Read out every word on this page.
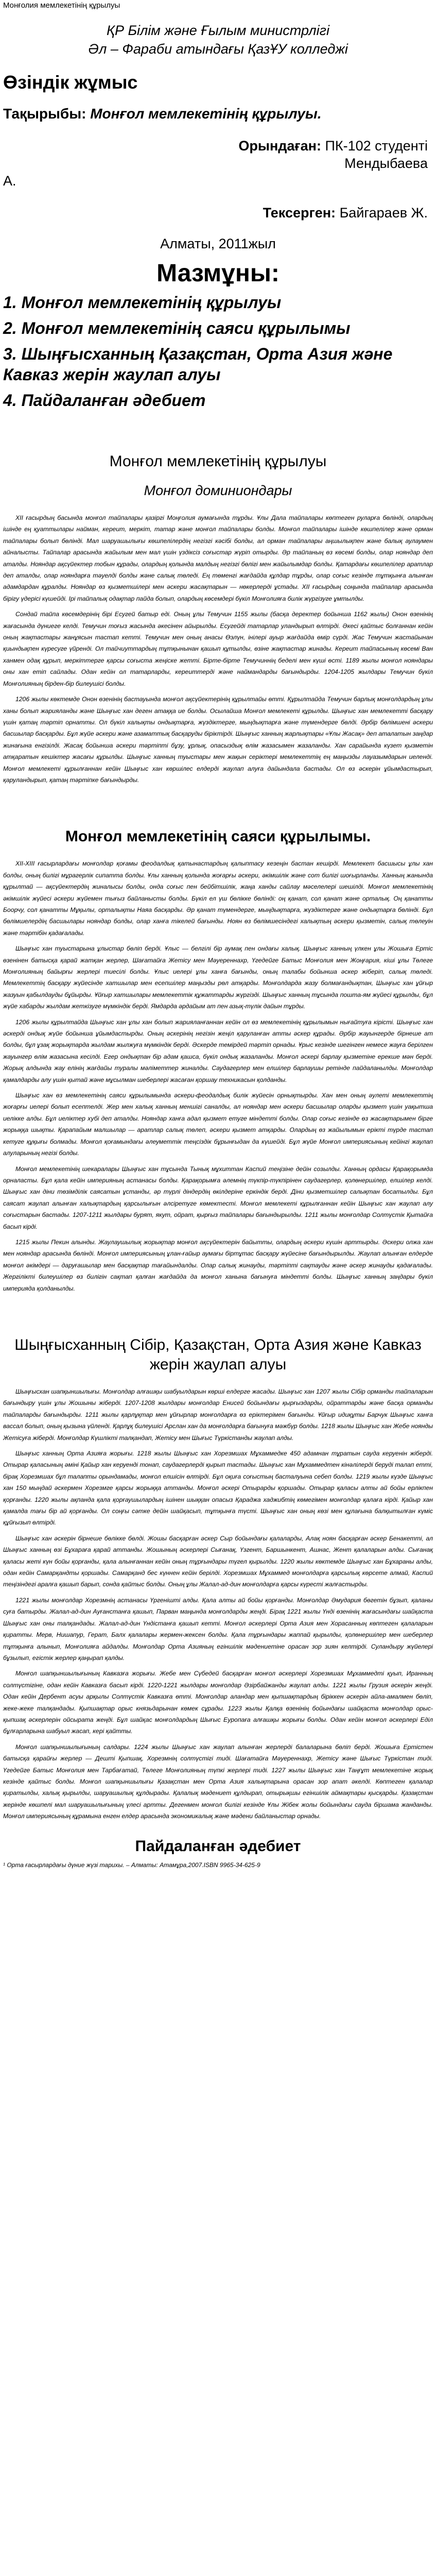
Монғолия мемлекетінің құрылуы
ҚР Білім және Ғылым министрлігі
Әл – Фараби атындағы ҚазҰУ колледжі
Өзіндік жұмыс
Тақырыбы: Монғол мемлекетінің құрылуы.
Орындаған: ПК-102 студенті
Мендыбаева
А.
Тексерген: Байгараев Ж.
Алматы, 2011жыл
Мазмұны:
1. Монғол мемлекетінің құрылуы
2. Монғол мемлекетінің саяси құрылымы
3. Шыңғысханның Қазақстан, Орта Азия және Кавказ жерін жаулап алуы
4. Пайдаланған әдебиет
Монғол мемлекетінің құрылуы
Монғол доминиондары

XII ғасырдың басында монғол тайпалары қазіргі Моңғолия аумағында тұрды. Ұлы Дала тайпалары көптеген руларға бөлінді, олардың ішінде ең қуаттылары найман, кереит, меркіт, татар және монғол тайпалары болды. Монғол тайпалары ішінде көшпелілер және орман тайпалары болып бөлінді. Мал шаруашылығы көшпелілердің негізгі кәсібі болды, ал орман тайпалары аңшылықпен және балық аулаумен айналысты. Тайпалар арасында жайылым мен мал үшін үздіксіз соғыстар жүріп отырды. Әр тайпаның өз көсемі болды, олар нояндар деп аталды. Нояндар ақсүйектер тобын құрады, олардың қолында малдың негізгі бөлігі мен жайылымдар болды. Қатардағы көшпелілер аратлар деп аталды, олар нояндарға тәуелді болды және салық төледі. Ең төменгі жағдайда құлдар тұрды, олар соғыс кезінде тұтқынға алынған адамдардан құралды. Нояндар өз қызметшілері мен әскери жасақтарын — нөкерлерді ұстады. XII ғасырдың соңында тайпалар арасында бірігу үдерісі күшейді. Ірі тайпалық одақтар пайда болып, олардың көсемдері бүкіл Монғолияға билік жүргізуге ұмтылды.

Сондай тайпа көсемдерінің бірі Есугей батыр еді. Оның ұлы Темучин 1155 жылы (басқа деректер бойынша 1162 жылы) Онон өзенінің жағасында дүниеге келді. Темучин тоғыз жасында әкесінен айырылды. Есугейді татарлар уландырып өлтірді. Әкесі қайтыс болғаннан кейін оның жақтастары жанұясын тастап кетті. Темучин мен оның анасы Өэлүн, інілері ауыр жағдайда өмір сүрді. Жас Темучин жастайынан қиындықпен күресуге үйренді. Ол тайчиуттардың тұтқынынан қашып құтылды, өзіне жақтастар жинады. Кереит тайпасының көсемі Ван ханмен одақ құрып, меркіттерге қарсы соғыста жеңіске жетті. Бірте-бірте Темучиннің беделі мен күші өсті. 1189 жылы монғол нояндары оны хан етіп сайлады. Одан кейін ол татарларды, кереиттерді және наймандарды бағындырды. 1204-1205 жылдары Темучин бүкіл Монғолияның бірден-бір билеушісі болды.

1206 жылы көктемде Онон өзенінің бастауында монғол ақсүйектерінің құрылтайы өтті. Құрылтайда Темучин барлық монғолдардың ұлы ханы болып жарияланды және Шыңғыс хан деген атаққа ие болды. Осылайша Монғол мемлекеті құрылды. Шыңғыс хан мемлекетті басқару үшін қатаң тәртіп орнатты. Ол бүкіл халықты ондықтарға, жүздіктерге, мыңдықтарға және түмендерге бөлді. Әрбір бөлімшені әскери басшылар басқарды. Бұл жүйе әскери және азаматтық басқаруды біріктірді. Шыңғыс ханның жарлықтары «Ұлы Жасақ» деп аталатын заңдар жинағына енгізілді. Жасақ бойынша әскери тәртіпті бұзу, ұрлық, опасыздық өлім жазасымен жазаланды. Хан сарайында күзет қызметін атқаратын кешіктер жасағы құрылды. Шыңғыс ханның туыстары мен жақын серіктері мемлекеттің ең маңызды лауазымдарын иеленді. Монғол мемлекеті құрылғаннан кейін Шыңғыс хан көршілес елдерді жаулап алуға дайындала бастады. Ол өз әскерін ұйымдастырып, қаруландырып, қатаң тәртіпке бағындырды.

Монғол мемлекетінің саяси құрылымы.

XII-XIII ғасырлардағы монғолдар қоғамы феодалдық қатынастардың қалыптасу кезеңін бастан кешірді. Мемлекет басшысы ұлы хан болды, оның билігі мұрагерлік сипатта болды. Ұлы ханның қолында жоғарғы әскери, әкімшілік және сот билігі шоғырланды. Ханның жанында құрылтай — ақсүйектердің жиналысы болды, онда соғыс пен бейбітшілік, жаңа ханды сайлау мәселелері шешілді. Монғол мемлекетінің әкімшілік жүйесі әскери жүйемен тығыз байланысты болды. Бүкіл ел үш бөлікке бөлінді: оң қанат, сол қанат және орталық. Оң қанатты Боорчу, сол қанатты Мұқылы, орталықты Наяа басқарды. Әр қанат түмендерге, мыңдықтарға, жүздіктерге және ондықтарға бөлінді. Бұл бөлімшелердің басшылары нояндар болды, олар ханға тікелей бағынды. Ноян өз бөлімшесіндегі халықтың әскери қызметін, салық төлеуін және тәртібін қадағалады.

Шыңғыс хан туыстарына ұлыстар бөліп берді. Ұлыс — белгілі бір аумақ пен ондағы халық. Шыңғыс ханның үлкен ұлы Жошыға Ертіс өзенінен батысқа қарай жатқан жерлер, Шағатайға Жетісу мен Мәуереннахр, Үгедейге Батыс Монғолия мен Жоңғария, кіші ұлы Төлеге Монғолияның байырғы жерлері тиесілі болды. Ұлыс иелері ұлы ханға бағынды, оның талабы бойынша әскер жіберіп, салық төледі. Мемлекеттің басқару жүйесінде хатшылар мен есепшілер маңызды рөл атқарды. Монғолдарда жазу болмағандықтан, Шыңғыс хан ұйғыр жазуын қабылдауды бұйырды. Ұйғыр хатшылары мемлекеттік құжаттарды жүргізді. Шыңғыс ханның тұсында пошта-ям жүйесі құрылды, бұл жүйе хабарды жылдам жеткізуге мүмкіндік берді. Ямдарда әрдайым ат пен азық-түлік дайын тұрды.

1206 жылы құрылтайда Шыңғыс хан ұлы хан болып жарияланғаннан кейін ол өз мемлекетінің құрылымын нығайтуға кірісті. Шыңғыс хан әскерді ондық жүйе бойынша ұйымдастырды. Оның әскерінің негізін жеңіл қаруланған атты әскер құрады. Әрбір жауынгерде бірнеше ат болды, бұл ұзақ жорықтарда жылдам жылжуға мүмкіндік берді. Әскерде темірдей тәртіп орнады. Ұрыс кезінде шегінген немесе жауға берілген жауынгер өлім жазасына кесілді. Егер ондықтан бір адам қашса, бүкіл ондық жазаланды. Монғол әскері барлау қызметіне ерекше мән берді. Жорық алдында жау елінің жағдайы туралы мәліметтер жиналды. Саудагерлер мен елшілер барлаушы ретінде пайдаланылды. Монғолдар қамалдарды алу үшін қытай және мұсылман шеберлері жасаған қоршау техникасын қолданды.

Шыңғыс хан өз мемлекетінің саяси құрылымында әскери-феодалдық билік жүйесін орнықтырды. Хан мен оның әулеті мемлекеттің жоғарғы иелері болып есептелді. Жер мен халық ханның меншігі саналды, ал нояндар мен әскери басшылар оларды қызмет үшін уақытша иелікке алды. Бұл иеліктер хубі деп аталды. Нояндар ханға адал қызмет етуге міндетті болды. Олар соғыс кезінде өз жасақтарымен бірге жорыққа шықты. Қарапайым малшылар — аратлар салық төлеп, әскери қызмет атқарды. Олардың өз жайылымын ерікті түрде тастап кетуге құқығы болмады. Монғол қоғамындағы әлеуметтік теңсіздік бұрынғыдан да күшейді. Бұл жүйе Монғол империясының кейінгі жаулап алуларының негізі болды.

Монғол мемлекетінің шекаралары Шыңғыс хан тұсында Тынық мұхиттан Каспий теңізіне дейін созылды. Ханның ордасы Қарақорымда орналасты. Бұл қала кейін империяның астанасы болды. Қарақорымға әлемнің түкпір-түкпірінен саудагерлер, қолөнершілер, елшілер келді. Шыңғыс хан діни төзімділік саясатын ұстанды, әр түрлі діндердің өкілдеріне еркіндік берді. Діни қызметшілер салықтан босатылды. Бұл саясат жаулап алынған халықтардың қарсылығын әлсіретуге көмектесті. Монғол мемлекеті құрылғаннан кейін Шыңғыс хан жаулап алу соғыстарын бастады. 1207-1211 жылдары бурят, якут, ойрат, қырғыз тайпалары бағындырылды. 1211 жылы монғолдар Солтүстік Қытайға басып кірді.

1215 жылы Пекин алынды. Жаулаушылық жорықтар монғол ақсүйектерін байытты, олардың әскери күшін арттырды. Әскери олжа хан мен нояндар арасында бөлінді. Монғол империясының ұлан-ғайыр аумағы біртұтас басқару жүйесіне бағындырылды. Жаулап алынған елдерде монғол әкімдері — даруғашылар мен басқақтар тағайындалды. Олар салық жинауды, тәртіпті сақтауды және әскер жинауды қадағалады. Жергілікті билеушілер өз билігін сақтап қалған жағдайда да монғол ханына бағынуға міндетті болды. Шыңғыс ханның заңдары бүкіл империяда қолданылды.

Шыңғысханның Сібір, Қазақстан, Орта Азия және Кавказ жерін жаулап алуы

Шыңғысхан шапқыншылығы. Монғолдар алғашқы шабуылдарын көрші елдерге жасады. Шыңғыс хан 1207 жылы Сібір орманды тайпаларын бағындыру үшін ұлы Жошыны жіберді. 1207-1208 жылдары монғолдар Енисей бойындағы қырғыздарды, ойраттарды және басқа орманды тайпаларды бағындырды. 1211 жылы қарлұқтар мен ұйғырлар монғолдарға өз еріктерімен бағынды. Ұйғыр идиқұты Барчук Шыңғыс ханға вассал болып, оның қызына үйленді. Қарлұқ билеушісі Арслан хан да монғолдарға бағынуға мәжбүр болды. 1218 жылы Шыңғыс хан Жебе ноянды Жетісуға жіберді. Монғолдар Күшлікті талқандап, Жетісу мен Шығыс Түркістанды жаулап алды.

Шыңғыс ханның Орта Азияға жорығы. 1218 жылы Шыңғыс хан Хорезмшах Мұхаммедке 450 адамнан тұратын сауда керуенін жіберді. Отырар қаласының әміні Қайыр хан керуенді тонап, саудагерлерді қырып тастады. Шыңғыс хан Мұхаммедтен кінәлілерді беруді талап етті, бірақ Хорезмшах бұл талапты орындамады, монғол елшісін өлтірді. Бұл оқиға соғыстың басталуына себеп болды. 1219 жылы күзде Шыңғыс хан 150 мыңдай әскермен Хорезмге қарсы жорыққа аттанды. Монғол әскері Отырарды қоршады. Отырар қаласы алты ай бойы ерлікпен қорғанды. 1220 жылы ақпанда қала қорғаушылардың ішінен шыққан опасыз Қараджа хаджибтің көмегімен монғолдар қалаға кірді. Қайыр хан қамалда тағы бір ай қорғанды. Ол соңғы сәтке дейін шайқасып, тұтқынға түсті. Шыңғыс хан оның көзі мен құлағына балқытылған күміс құйғызып өлтірді.

Шыңғыс хан әскерін бірнеше бөлікке бөлді. Жошы басқарған әскер Сыр бойындағы қалаларды, Алақ ноян басқарған әскер Бенакетті, ал Шыңғыс ханның өзі Бұхараға қарай аттанды. Жошының әскерлері Сығанақ, Үзгент, Баршынкент, Ашнас, Жент қалаларын алды. Сығанақ қаласы жеті күн бойы қорғанды, қала алынғаннан кейін оның тұрғындары түгел қырылды. 1220 жылы көктемде Шыңғыс хан Бұхараны алды, одан кейін Самарқандты қоршады. Самарқанд бес күннен кейін берілді. Хорезмшах Мұхаммед монғолдарға қарсылық көрсете алмай, Каспий теңізіндегі аралға қашып барып, сонда қайтыс болды. Оның ұлы Жалал-ад-дин монғолдарға қарсы күресті жалғастырды.

1221 жылы монғолдар Хорезмнің астанасы Үргенішті алды. Қала алты ай бойы қорғанды. Монғолдар Әмудария бөгетін бұзып, қаланы суға батырды. Жалал-ад-дин Ауғанстанға қашып, Парван маңында монғолдарды жеңді. Бірақ 1221 жылы Үнді өзенінің жағасындағы шайқаста Шыңғыс хан оны талқандады. Жалал-ад-дин Үндістанға қашып кетті. Монғол әскерлері Орта Азия мен Хорасанның көптеген қалаларын қиратты. Мерв, Нишапур, Герат, Балх қалалары жермен-жексен болды. Қала тұрғындары жаппай қырылды, қолөнершілер мен шеберлер тұтқынға алынып, Монғолияға айдалды. Монғолдар Орта Азияның егіншілік мәдениетіне орасан зор зиян келтірді. Суландыру жүйелері бұзылып, егістік жерлер қаңырап қалды.

Монғол шапқыншылығының Кавказға жорығы. Жебе мен Сүбедей басқарған монғол әскерлері Хорезмшах Мұхаммедті қуып, Иранның солтүстігіне, одан кейін Кавказға басып кірді. 1220-1221 жылдары монғолдар Әзірбайжанды жаулап алды. 1221 жылы Грузия әскерін жеңді. Одан кейін Дербент асуы арқылы Солтүстік Кавказға өтті. Монғолдар аландар мен қыпшақтардың біріккен әскерін айла-амалмен бөліп, жеке-жеке талқандады. Қыпшақтар орыс князьдарынан көмек сұрады. 1223 жылы Қалқа өзенінің бойындағы шайқаста монғолдар орыс-қыпшақ әскерлерін ойсырата жеңді. Бұл шайқас монғолдардың Шығыс Еуропаға алғашқы жорығы болды. Одан кейін монғол әскерлері Еділ бұлғарларына шабуыл жасап, кері қайтты.

Монғол шапқыншылығының салдары. 1224 жылы Шыңғыс хан жаулап алынған жерлерді балаларына бөліп берді. Жошыға Ертістен батысқа қарайғы жерлер — Дешті Қыпшақ, Хорезмнің солтүстігі тиді. Шағатайға Мәуереннахр, Жетісу және Шығыс Түркістан тиді. Үгедейге Батыс Монғолия мен Тарбағатай, Төлеге Монғолияның түпкі жерлері тиді. 1227 жылы Шыңғыс хан Таңғұт мемлекетіне жорық кезінде қайтыс болды. Монғол шапқыншылығы Қазақстан мен Орта Азия халықтарына орасан зор апат әкелді. Көптеген қалалар қиратылды, халық қырылды, шаруашылық құлдырады. Қалалық мәдениет құлдырап, отырықшы егіншілік аймақтары қысқарды. Қазақстан жерінде көшпелі мал шаруашылығының үлесі артты. Дегенмен монғол билігі кезінде Ұлы Жібек жолы бойындағы сауда біршама жанданды. Монғол империясының құрамына енген елдер арасында экономикалық және мәдени байланыстар орнады.

Пайдаланған әдебиет
¹ Орта ғасырлардағы дүние жүзі тарихы. – Алматы: Атамұра,2007.ISBN 9965-34-625-9
